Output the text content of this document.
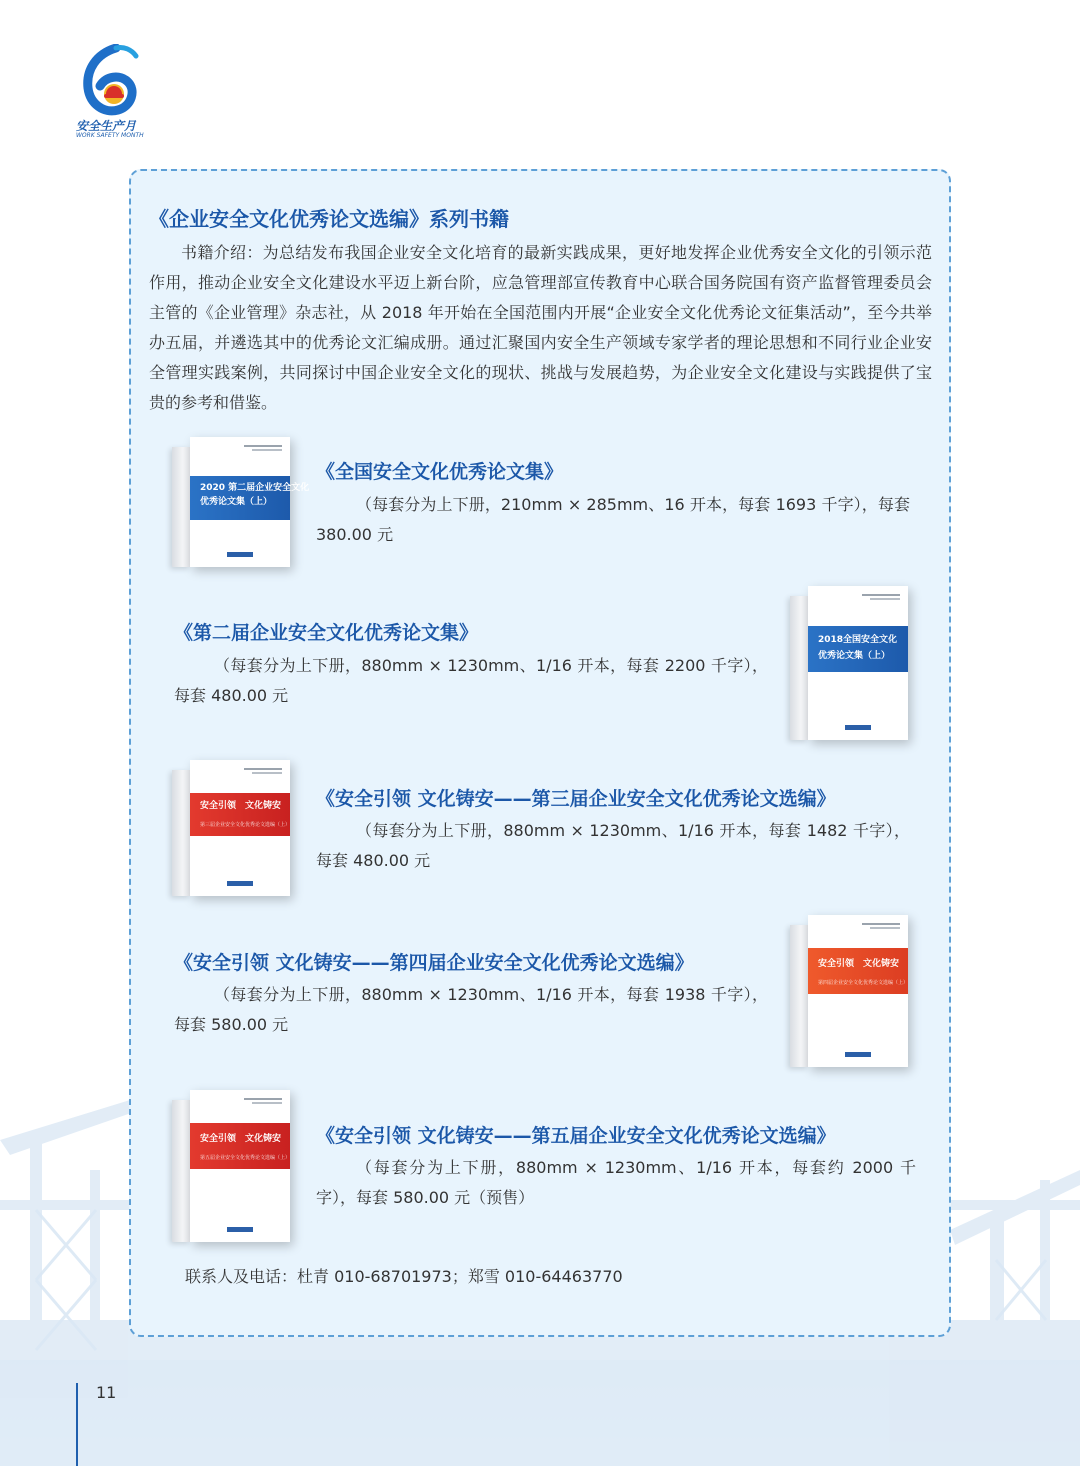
安全生产月
WORK SAFETY MONTH
《企业安全文化优秀论文选编》系列书籍

书籍介绍：为总结发布我国企业安全文化培育的最新实践成果，更好地发挥企业优秀安全文化的引领示范作用，推动企业安全文化建设水平迈上新台阶，应急管理部宣传教育中心联合国务院国有资产监督管理委员会主管的《企业管理》杂志社，从 2018 年开始在全国范围内开展“企业安全文化优秀论文征集活动”，至今共举办五届，并遴选其中的优秀论文汇编成册。通过汇聚国内安全生产领域专家学者的理论思想和不同行业企业安全管理实践案例，共同探讨中国企业安全文化的现状、挑战与发展趋势，为企业安全文化建设与实践提供了宝贵的参考和借鉴。

2020 第二届企业安全文化
优秀论文集（上）
《全国安全文化优秀论文集》

（每套分为上下册，210mm × 285mm、16 开本，每套 1693 千字），每套 380.00 元

2018全国安全文化
优秀论文集（上）
《第二届企业安全文化优秀论文集》

（每套分为上下册，880mm × 1230mm、1/16 开本，每套 2200 千字），每套 480.00 元

安全引领　文化铸安
第三届企业安全文化优秀论文选编（上）
《安全引领 文化铸安——第三届企业安全文化优秀论文选编》

（每套分为上下册，880mm × 1230mm、1/16 开本，每套 1482 千字），每套 480.00 元

安全引领　文化铸安
第四届企业安全文化优秀论文选编（上）
《安全引领 文化铸安——第四届企业安全文化优秀论文选编》

（每套分为上下册，880mm × 1230mm、1/16 开本，每套 1938 千字），每套 580.00 元

安全引领　文化铸安
第五届企业安全文化优秀论文选编（上）
《安全引领 文化铸安——第五届企业安全文化优秀论文选编》

（每套分为上下册，880mm × 1230mm、1/16 开本，每套约 2000 千字），每套 580.00 元（预售）

联系人及电话：杜青 010-68701973；郑雪 010-64463770
11
